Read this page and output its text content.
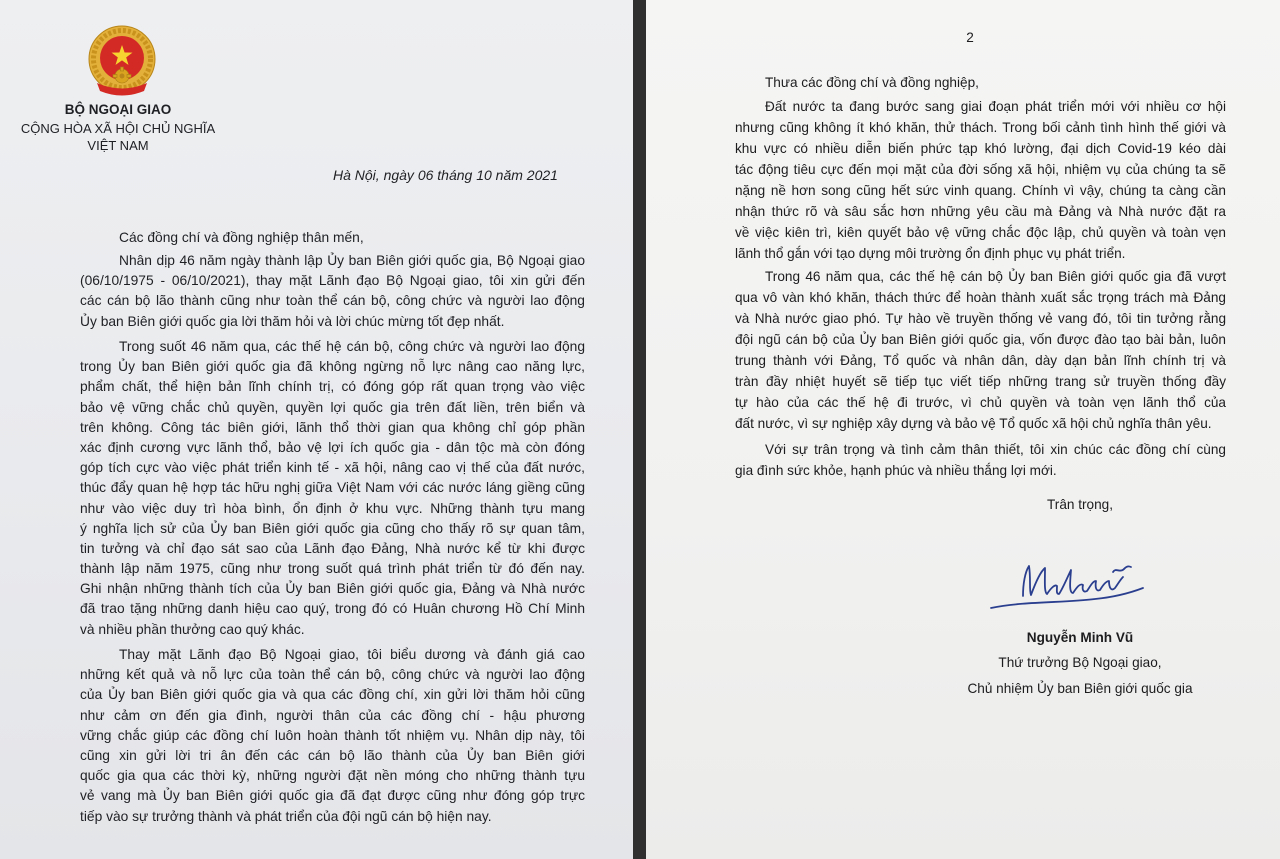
BỘ NGOẠI GIAO
CỘNG HÒA XÃ HỘI CHỦ NGHĨA
VIỆT NAM
Hà Nội, ngày 06 tháng 10 năm 2021
Các đồng chí và đồng nghiệp thân mến,
Nhân dịp 46 năm ngày thành lập Ủy ban Biên giới quốc gia, Bộ Ngoại giao
(06/10/1975 - 06/10/2021), thay mặt Lãnh đạo Bộ Ngoại giao, tôi xin gửi đến
các cán bộ lão thành cũng như toàn thể cán bộ, công chức và người lao động
Ủy ban Biên giới quốc gia lời thăm hỏi và lời chúc mừng tốt đẹp nhất.
Trong suốt 46 năm qua, các thế hệ cán bộ, công chức và người lao động
trong Ủy ban Biên giới quốc gia đã không ngừng nỗ lực nâng cao năng lực,
phẩm chất, thể hiện bản lĩnh chính trị, có đóng góp rất quan trọng vào việc
bảo vệ vững chắc chủ quyền, quyền lợi quốc gia trên đất liền, trên biển và
trên không. Công tác biên giới, lãnh thổ thời gian qua không chỉ góp phần
xác định cương vực lãnh thổ, bảo vệ lợi ích quốc gia - dân tộc mà còn đóng
góp tích cực vào việc phát triển kinh tế - xã hội, nâng cao vị thế của đất nước,
thúc đẩy quan hệ hợp tác hữu nghị giữa Việt Nam với các nước láng giềng cũng
như vào việc duy trì hòa bình, ổn định ở khu vực. Những thành tựu mang
ý nghĩa lịch sử của Ủy ban Biên giới quốc gia cũng cho thấy rõ sự quan tâm,
tin tưởng và chỉ đạo sát sao của Lãnh đạo Đảng, Nhà nước kể từ khi được
thành lập năm 1975, cũng như trong suốt quá trình phát triển từ đó đến nay.
Ghi nhận những thành tích của Ủy ban Biên giới quốc gia, Đảng và Nhà nước
đã trao tặng những danh hiệu cao quý, trong đó có Huân chương Hồ Chí Minh
và nhiều phần thưởng cao quý khác.
Thay mặt Lãnh đạo Bộ Ngoại giao, tôi biểu dương và đánh giá cao
những kết quả và nỗ lực của toàn thể cán bộ, công chức và người lao động
của Ủy ban Biên giới quốc gia và qua các đồng chí, xin gửi lời thăm hỏi cũng
như cảm ơn đến gia đình, người thân của các đồng chí - hậu phương
vững chắc giúp các đồng chí luôn hoàn thành tốt nhiệm vụ. Nhân dịp này, tôi
cũng xin gửi lời tri ân đến các cán bộ lão thành của Ủy ban Biên giới
quốc gia qua các thời kỳ, những người đặt nền móng cho những thành tựu
vẻ vang mà Ủy ban Biên giới quốc gia đã đạt được cũng như đóng góp trực
tiếp vào sự trưởng thành và phát triển của đội ngũ cán bộ hiện nay.
2
Thưa các đồng chí và đồng nghiệp,
Đất nước ta đang bước sang giai đoạn phát triển mới với nhiều cơ hội
nhưng cũng không ít khó khăn, thử thách. Trong bối cảnh tình hình thế giới và
khu vực có nhiều diễn biến phức tạp khó lường, đại dịch Covid-19 kéo dài
tác động tiêu cực đến mọi mặt của đời sống xã hội, nhiệm vụ của chúng ta sẽ
nặng nề hơn song cũng hết sức vinh quang. Chính vì vậy, chúng ta càng cần
nhận thức rõ và sâu sắc hơn những yêu cầu mà Đảng và Nhà nước đặt ra
về việc kiên trì, kiên quyết bảo vệ vững chắc độc lập, chủ quyền và toàn vẹn
lãnh thổ gắn với tạo dựng môi trường ổn định phục vụ phát triển.
Trong 46 năm qua, các thế hệ cán bộ Ủy ban Biên giới quốc gia đã vượt
qua vô vàn khó khăn, thách thức để hoàn thành xuất sắc trọng trách mà Đảng
và Nhà nước giao phó. Tự hào về truyền thống vẻ vang đó, tôi tin tưởng rằng
đội ngũ cán bộ của Ủy ban Biên giới quốc gia, vốn được đào tạo bài bản, luôn
trung thành với Đảng, Tổ quốc và nhân dân, dày dạn bản lĩnh chính trị và
tràn đầy nhiệt huyết sẽ tiếp tục viết tiếp những trang sử truyền thống đầy
tự hào của các thế hệ đi trước, vì chủ quyền và toàn vẹn lãnh thổ của
đất nước, vì sự nghiệp xây dựng và bảo vệ Tổ quốc xã hội chủ nghĩa thân yêu.
Với sự trân trọng và tình cảm thân thiết, tôi xin chúc các đồng chí cùng
gia đình sức khỏe, hạnh phúc và nhiều thắng lợi mới.
Trân trọng,
Nguyễn Minh Vũ
Thứ trưởng Bộ Ngoại giao,
Chủ nhiệm Ủy ban Biên giới quốc gia
